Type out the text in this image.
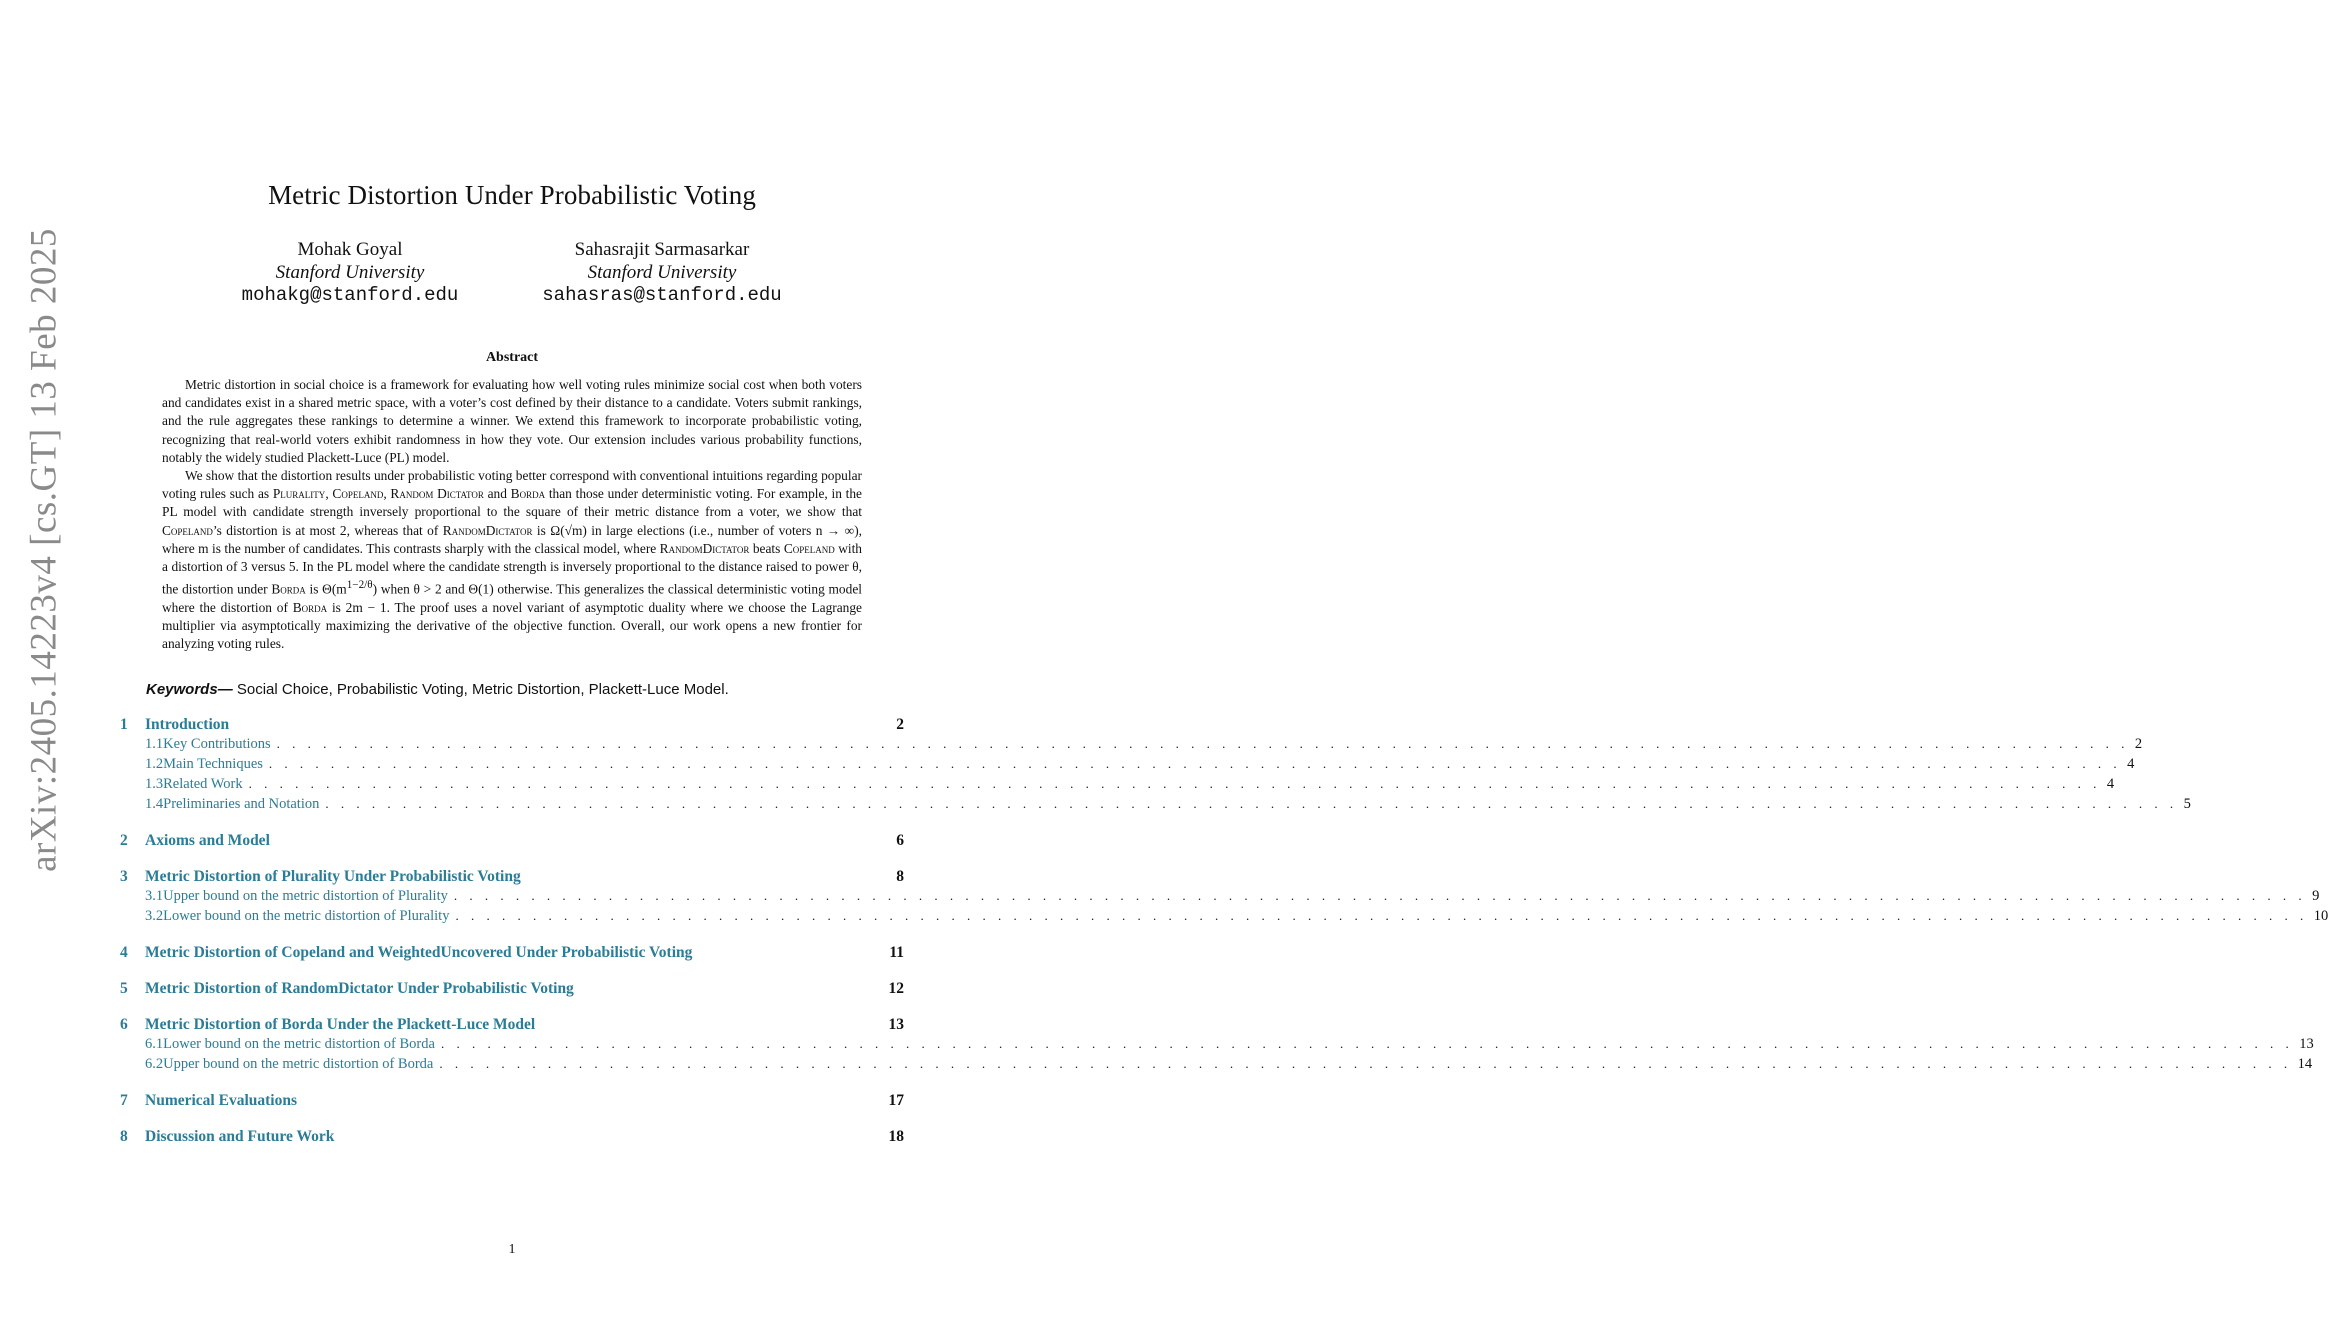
arXiv:2405.14223v4 [cs.GT] 13 Feb 2025
Metric Distortion Under Probabilistic Voting
Mohak Goyal
Stanford University
mohakg@stanford.edu
Sahasrajit Sarmasarkar
Stanford University
sahasras@stanford.edu
Abstract

Metric distortion in social choice is a framework for evaluating how well voting rules minimize social cost when both voters and candidates exist in a shared metric space, with a voter’s cost defined by their distance to a candidate. Voters submit rankings, and the rule aggregates these rankings to determine a winner. We extend this framework to incorporate probabilistic voting, recognizing that real-world voters exhibit randomness in how they vote. Our extension includes various probability functions, notably the widely studied Plackett-Luce (PL) model.

We show that the distortion results under probabilistic voting better correspond with conventional intuitions regarding popular voting rules such as Plurality, Copeland, Random Dictator and Borda than those under deterministic voting. For example, in the PL model with candidate strength inversely proportional to the square of their metric distance from a voter, we show that Copeland’s distortion is at most 2, whereas that of RandomDictator is Ω(√m) in large elections (i.e., number of voters n → ∞), where m is the number of candidates. This contrasts sharply with the classical model, where RandomDictator beats Copeland with a distortion of 3 versus 5. In the PL model where the candidate strength is inversely proportional to the distance raised to power θ, the distortion under Borda is $\Theta(m^{1-2/\theta})$ when θ > 2 and Θ(1) otherwise. This generalizes the classical deterministic voting model where the distortion of Borda is 2m − 1. The proof uses a novel variant of asymptotic duality where we choose the Lagrange multiplier via asymptotically maximizing the derivative of the objective function. Overall, our work opens a new frontier for analyzing voting rules.

Keywords— Social Choice, Probabilistic Voting, Metric Distortion, Plackett-Luce Model.
1	Introduction	2
1.1 Key Contributions . . . . . . . . . . . . . . . . . . . . . . . . . . . . . . . . . . . . . . . . . . . . . . . . . . . . . . . . . . . . . . . . . . . . . . . . . . . . . . . . . . . . . . . . . . . . . . . . . . . . . . . . . . . . . . . . . . . . . . . . 2
1.2 Main Techniques . . . . . . . . . . . . . . . . . . . . . . . . . . . . . . . . . . . . . . . . . . . . . . . . . . . . . . . . . . . . . . . . . . . . . . . . . . . . . . . . . . . . . . . . . . . . . . . . . . . . . . . . . . . . . . . . . . . . . . . . 4
1.3 Related Work . . . . . . . . . . . . . . . . . . . . . . . . . . . . . . . . . . . . . . . . . . . . . . . . . . . . . . . . . . . . . . . . . . . . . . . . . . . . . . . . . . . . . . . . . . . . . . . . . . . . . . . . . . . . . . . . . . . . . . . . 4
1.4 Preliminaries and Notation . . . . . . . . . . . . . . . . . . . . . . . . . . . . . . . . . . . . . . . . . . . . . . . . . . . . . . . . . . . . . . . . . . . . . . . . . . . . . . . . . . . . . . . . . . . . . . . . . . . . . . . . . . . . . . . . . . . . . . . . 5
2	Axioms and Model	6
3	Metric Distortion of Plurality Under Probabilistic Voting	8
3.1 Upper bound on the metric distortion of Plurality . . . . . . . . . . . . . . . . . . . . . . . . . . . . . . . . . . . . . . . . . . . . . . . . . . . . . . . . . . . . . . . . . . . . . . . . . . . . . . . . . . . . . . . . . . . . . . . . . . . . . . . . . . . . . . . . . . . . . . . . 9
3.2 Lower bound on the metric distortion of Plurality . . . . . . . . . . . . . . . . . . . . . . . . . . . . . . . . . . . . . . . . . . . . . . . . . . . . . . . . . . . . . . . . . . . . . . . . . . . . . . . . . . . . . . . . . . . . . . . . . . . . . . . . . . . . . . . . . . . . . . . . 10
4	Metric Distortion of Copeland and WeightedUncovered Under Probabilistic Voting	11
5	Metric Distortion of RandomDictator Under Probabilistic Voting	12
6	Metric Distortion of Borda Under the Plackett-Luce Model	13
6.1 Lower bound on the metric distortion of Borda . . . . . . . . . . . . . . . . . . . . . . . . . . . . . . . . . . . . . . . . . . . . . . . . . . . . . . . . . . . . . . . . . . . . . . . . . . . . . . . . . . . . . . . . . . . . . . . . . . . . . . . . . . . . . . . . . . . . . . . . 13
6.2 Upper bound on the metric distortion of Borda . . . . . . . . . . . . . . . . . . . . . . . . . . . . . . . . . . . . . . . . . . . . . . . . . . . . . . . . . . . . . . . . . . . . . . . . . . . . . . . . . . . . . . . . . . . . . . . . . . . . . . . . . . . . . . . . . . . . . . . . 14
7	Numerical Evaluations	17
8	Discussion and Future Work	18
1
